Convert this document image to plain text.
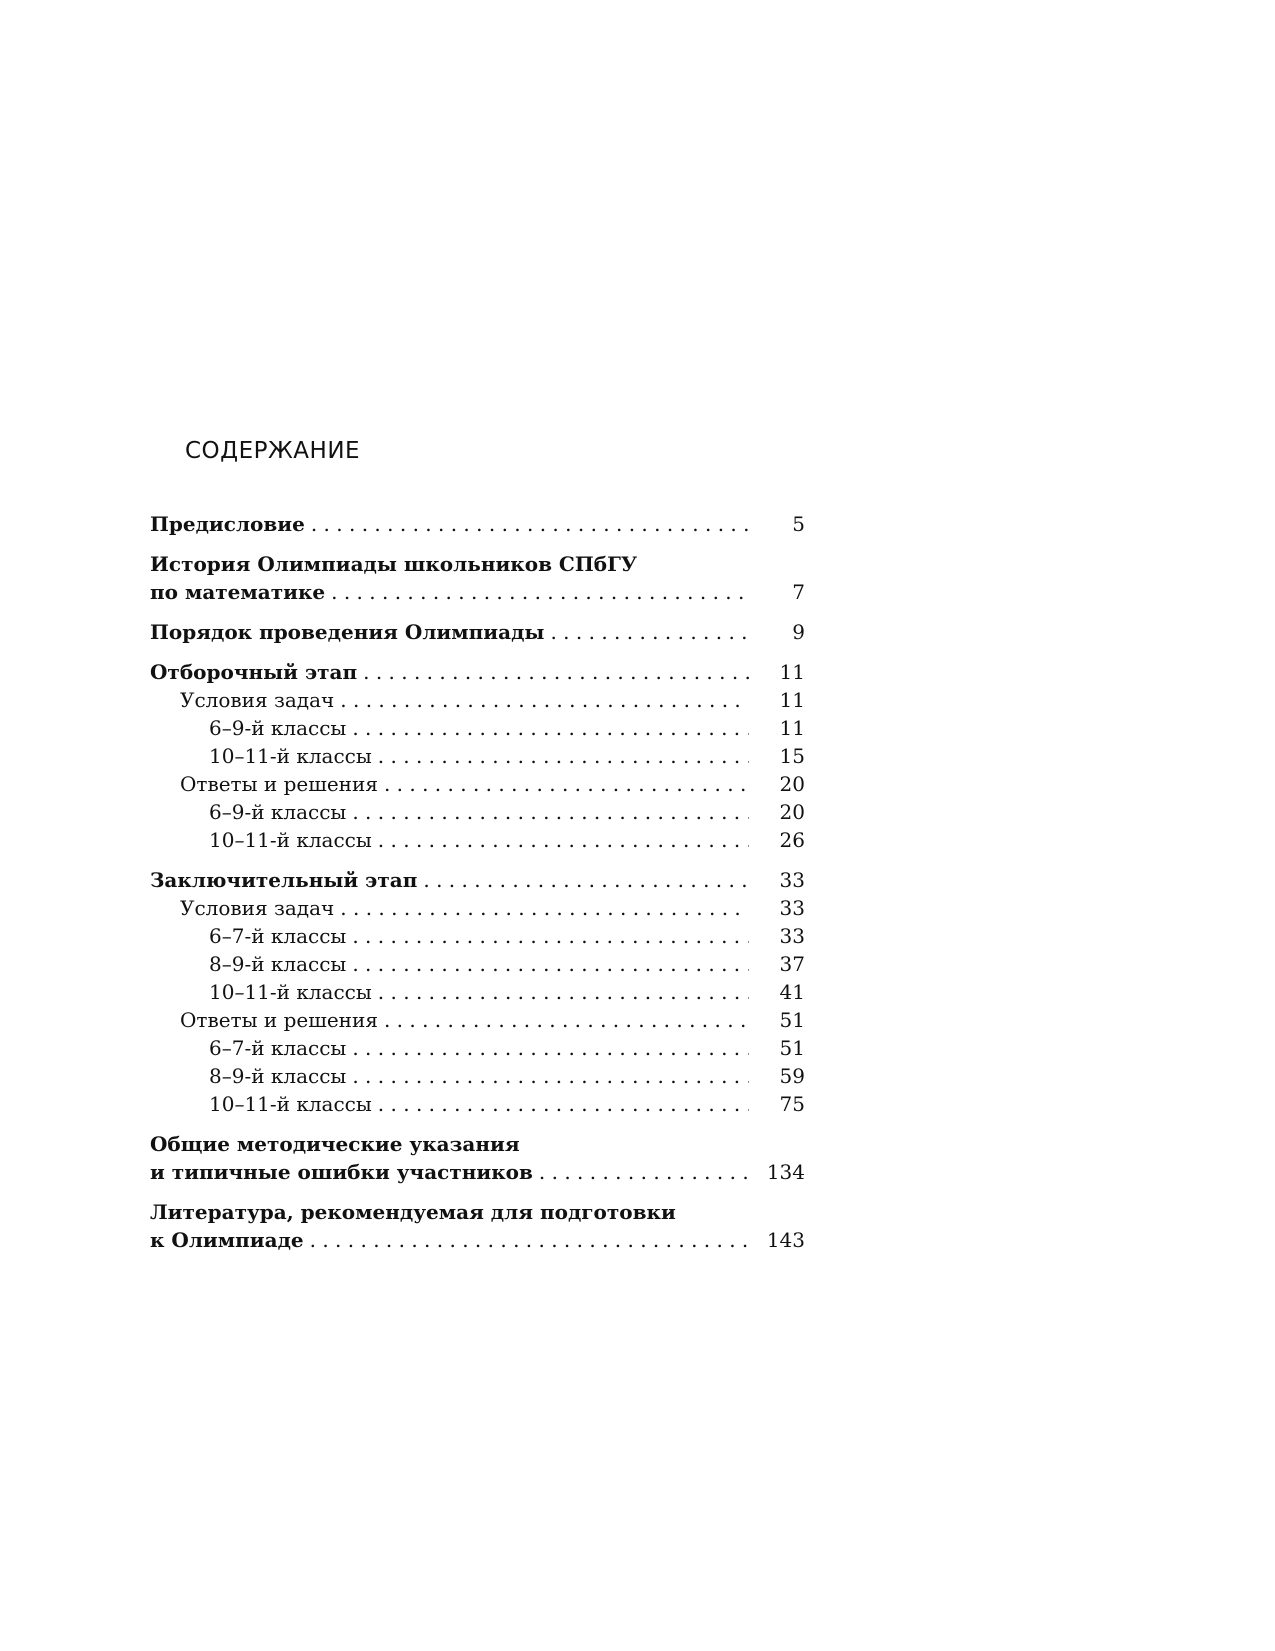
СОДЕРЖАНИЕ
Предисловие . . .	5
История Олимпиады школьников СПбГУ
по математике . . .	7
Порядок проведения Олимпиады . . .	9
Отборочный этап . . .	11
Условия задач . . .	11
6–9-й классы . . .	11
10–11-й классы . . .	15
Ответы и решения . . .	20
6–9-й классы . . .	20
10–11-й классы . . .	26
Заключительный этап . . .	33
Условия задач . . .	33
6–7-й классы . . .	33
8–9-й классы . . .	37
10–11-й классы . . .	41
Ответы и решения . . .	51
6–7-й классы . . .	51
8–9-й классы . . .	59
10–11-й классы . . .	75
Общие методические указания
и типичные ошибки участников . . .	134
Литература, рекомендуемая для подготовки
к Олимпиаде . . .	143
